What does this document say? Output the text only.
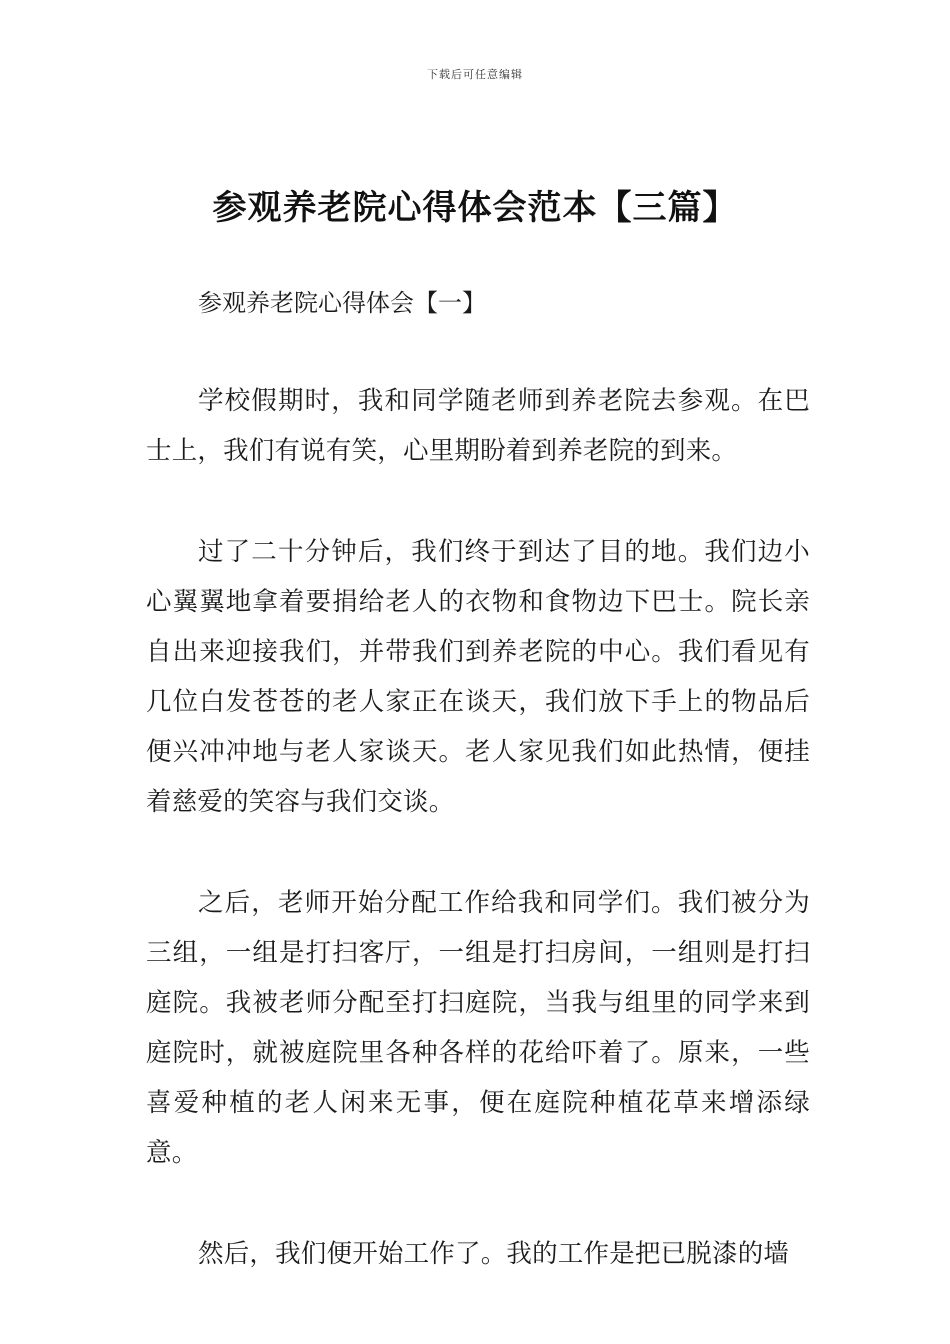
下载后可任意编辑
参观养老院心得体会范本【三篇】
参观养老院心得体会【一】

学校假期时，我和同学随老师到养老院去参观。在巴士上，我们有说有笑，心里期盼着到养老院的到来。

过了二十分钟后，我们终于到达了目的地。我们边小心翼翼地拿着要捐给老人的衣物和食物边下巴士。院长亲自出来迎接我们，并带我们到养老院的中心。我们看见有几位白发苍苍的老人家正在谈天，我们放下手上的物品后便兴冲冲地与老人家谈天。老人家见我们如此热情，便挂着慈爱的笑容与我们交谈。

之后，老师开始分配工作给我和同学们。我们被分为三组，一组是打扫客厅，一组是打扫房间，一组则是打扫庭院。我被老师分配至打扫庭院，当我与组里的同学来到庭院时，就被庭院里各种各样的花给吓着了。原来，一些喜爱种植的老人闲来无事，便在庭院种植花草来增添绿意。

然后，我们便开始工作了。我的工作是把已脱漆的墙
